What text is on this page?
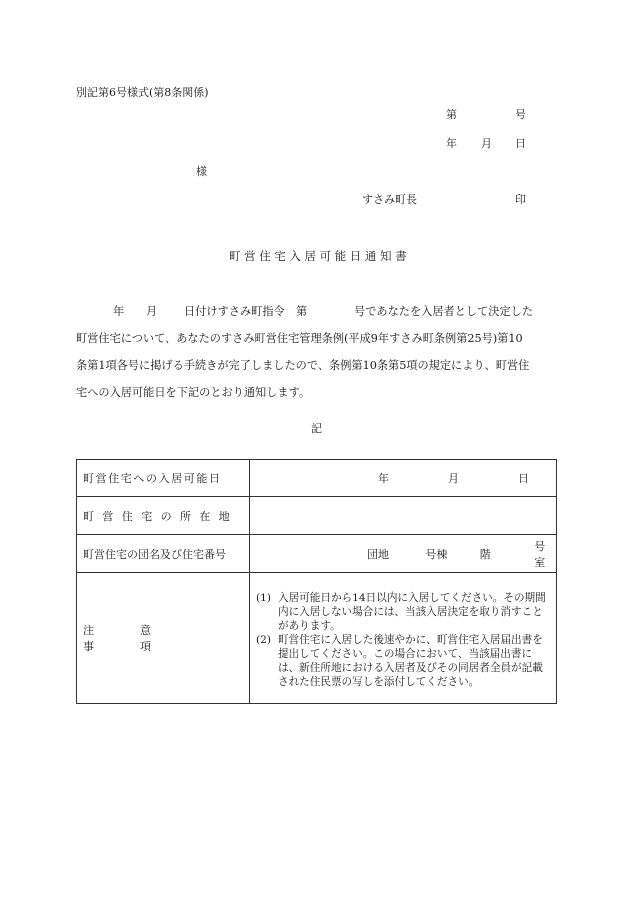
別記第6号様式(第8条関係)
第	号
年 月 日
様
すさみ町長	印
町営住宅入居可能日通知書
年	月	日付けすさみ町指令	第	号であなたを入居者として決定した
町営住宅について、あなたのすさみ町営住宅管理条例(平成9年すさみ町条例第25号)第10
条第1項各号に掲げる手続きが完了しましたので、条例第10条第5項の規定により、町営住
宅への入居可能日を下記のとおり通知します。
記
町営住宅への入居可能日	年 月 日

町営住宅の所在地	
町営住宅の団名及び住宅番号	団地 号棟 階
号室

注意事項	(1) 入居可能日から14日以内に入居してください。その期間内に入居しない場合には、当該入居決定を取り消すことがあります。
(2) 町営住宅に入居した後速やかに、町営住宅入居届出書を提出してください。この場合において、当該届出書には、新住所地における入居者及びその同居者全員が記載された住民票の写しを添付してください。
